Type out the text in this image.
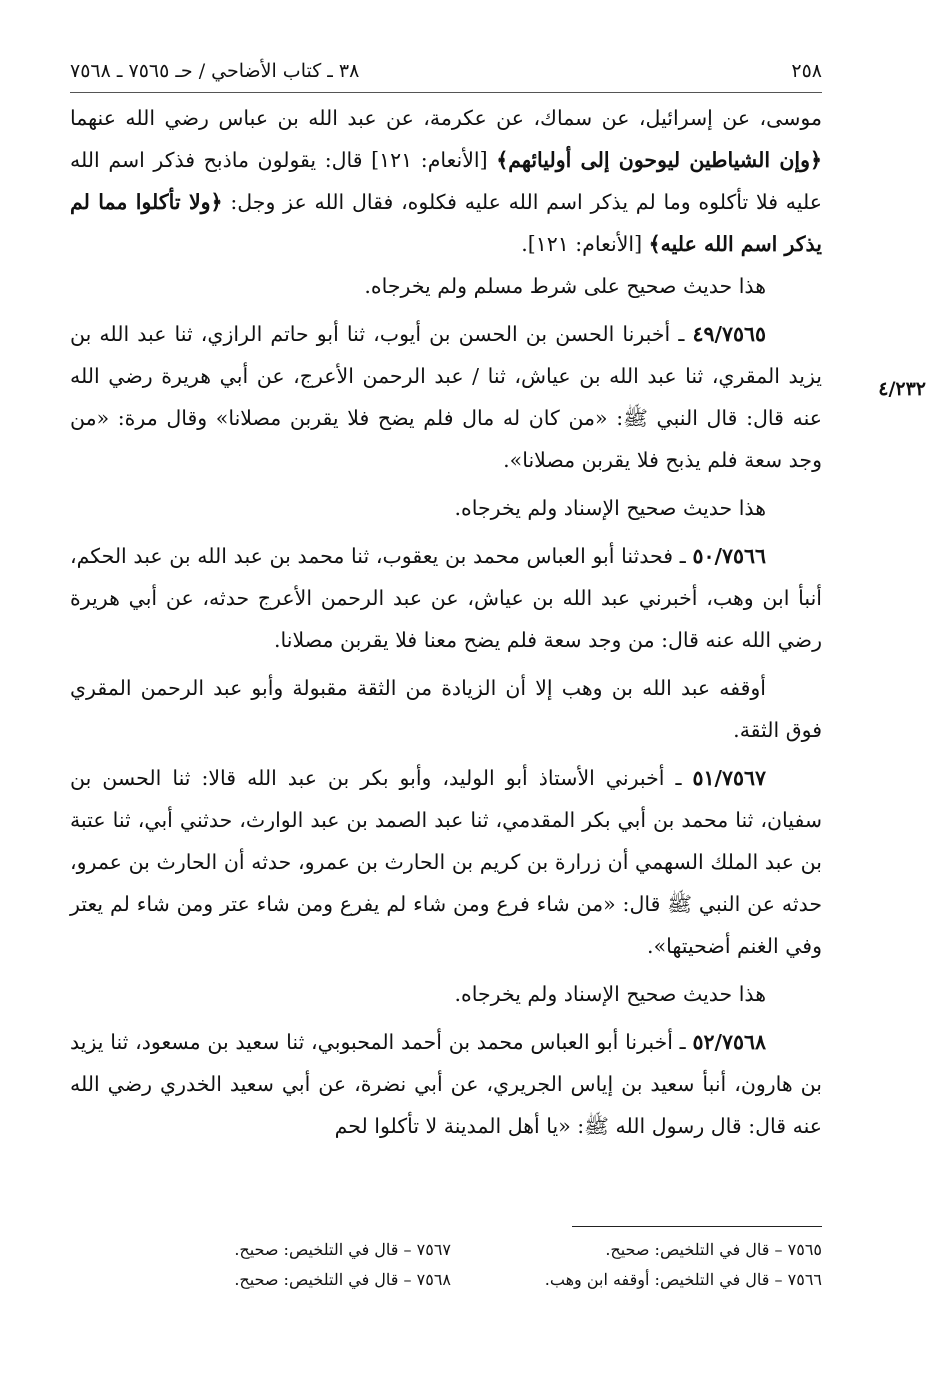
٢٥٨
٣٨ ـ كتاب الأضاحي / حـ ٧٥٦٥ ـ ٧٥٦٨

موسى، عن إسرائيل، عن سماك، عن عكرمة، عن عبد الله بن عباس رضي الله عنهما ﴿وإن الشياطين ليوحون إلى أوليائهم﴾ [الأنعام: ١٢١] قال: يقولون ماذبح فذكر اسم الله عليه فلا تأكلوه وما لم يذكر اسم الله عليه فكلوه، فقال الله عز وجل: ﴿ولا تأكلوا مما لم يذكر اسم الله عليه﴾ [الأنعام: ١٢١].

هذا حديث صحيح على شرط مسلم ولم يخرجاه.

٤٩/٧٥٦٥ ـ أخبرنا الحسن بن الحسن بن أيوب، ثنا أبو حاتم الرازي، ثنا عبد الله بن يزيد المقري، ثنا عبد الله بن عياش، ثنا / عبد الرحمن الأعرج، عن أبي هريرة رضي الله عنه قال: قال النبي ﷺ: «من كان له مال فلم يضح فلا يقربن مصلانا» وقال مرة: «من وجد سعة فلم يذبح فلا يقربن مصلانا».

هذا حديث صحيح الإسناد ولم يخرجاه.

٥٠/٧٥٦٦ ـ فحدثنا أبو العباس محمد بن يعقوب، ثنا محمد بن عبد الله بن عبد الحكم، أنبأ ابن وهب، أخبرني عبد الله بن عياش، عن عبد الرحمن الأعرج حدثه، عن أبي هريرة رضي الله عنه قال: من وجد سعة فلم يضح معنا فلا يقربن مصلانا.

أوقفه عبد الله بن وهب إلا أن الزيادة من الثقة مقبولة وأبو عبد الرحمن المقري فوق الثقة.

٥١/٧٥٦٧ ـ أخبرني الأستاذ أبو الوليد، وأبو بكر بن عبد الله قالا: ثنا الحسن بن سفيان، ثنا محمد بن أبي بكر المقدمي، ثنا عبد الصمد بن عبد الوارث، حدثني أبي، ثنا عتبة بن عبد الملك السهمي أن زرارة بن كريم بن الحارث بن عمرو، حدثه أن الحارث بن عمرو، حدثه عن النبي ﷺ قال: «من شاء فرع ومن شاء لم يفرع ومن شاء عتر ومن شاء لم يعتر وفي الغنم أضحيتها».

هذا حديث صحيح الإسناد ولم يخرجاه.

٥٢/٧٥٦٨ ـ أخبرنا أبو العباس محمد بن أحمد المحبوبي، ثنا سعيد بن مسعود، ثنا يزيد بن هارون، أنبأ سعيد بن إياس الجريري، عن أبي نضرة، عن أبي سعيد الخدري رضي الله عنه قال: قال رسول الله ﷺ: «يا أهل المدينة لا تأكلوا لحم

٤/٢٣٢
٧٥٦٥ – قال في التلخيص: صحيح.
٧٥٦٧ – قال في التلخيص: صحيح.
٧٥٦٦ – قال في التلخيص: أوقفه ابن وهب.
٧٥٦٨ – قال في التلخيص: صحيح.
